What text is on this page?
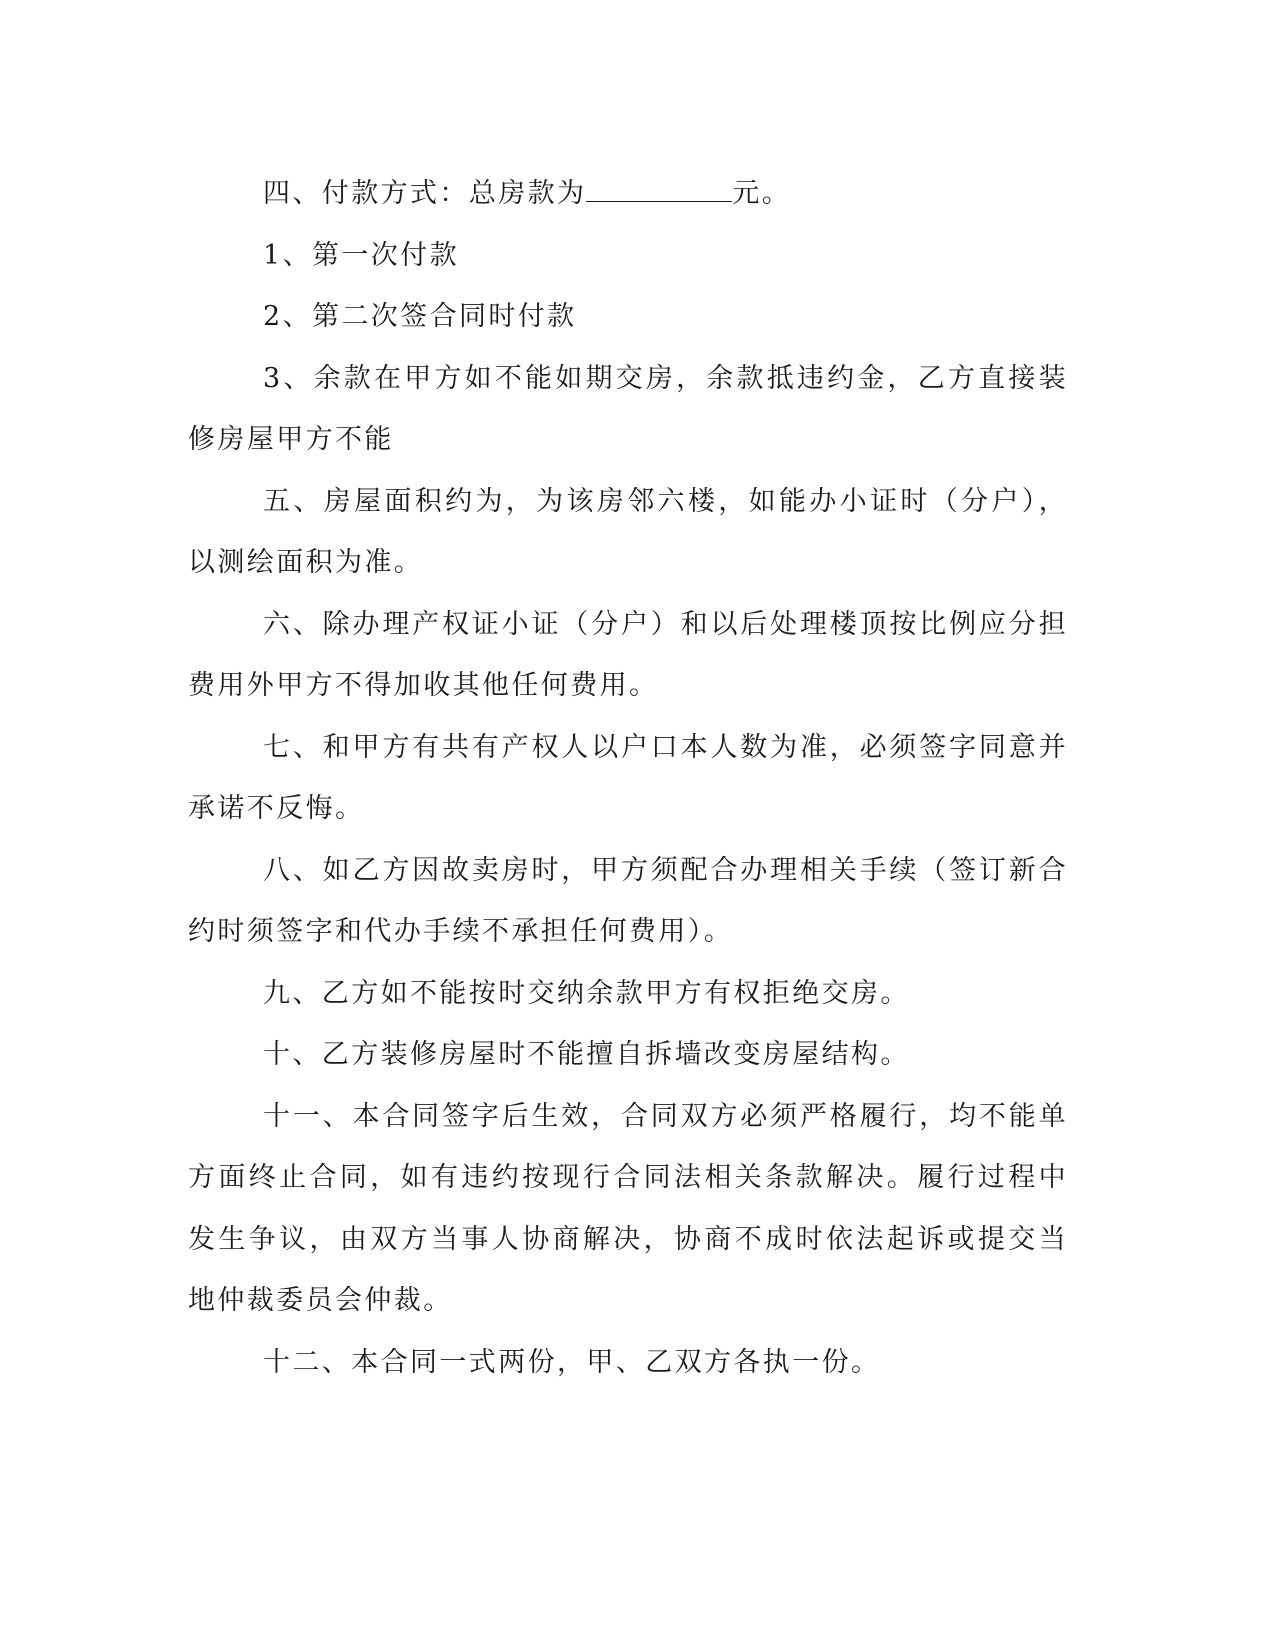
四、付款方式：总房款为	元。

1、第一次付款

2、第二次签合同时付款

3、余款在甲方如不能如期交房，余款抵违约金，乙方直接装修房屋甲方不能

五、房屋面积约为，为该房邻六楼，如能办小证时（分户），以测绘面积为准。

六、除办理产权证小证（分户）和以后处理楼顶按比例应分担费用外甲方不得加收其他任何费用。

七、和甲方有共有产权人以户口本人数为准，必须签字同意并承诺不反悔。

八、如乙方因故卖房时，甲方须配合办理相关手续（签订新合约时须签字和代办手续不承担任何费用）。

九、乙方如不能按时交纳余款甲方有权拒绝交房。

十、乙方装修房屋时不能擅自拆墙改变房屋结构。

十一、本合同签字后生效，合同双方必须严格履行，均不能单方面终止合同，如有违约按现行合同法相关条款解决。履行过程中发生争议，由双方当事人协商解决，协商不成时依法起诉或提交当地仲裁委员会仲裁。

十二、本合同一式两份，甲、乙双方各执一份。
